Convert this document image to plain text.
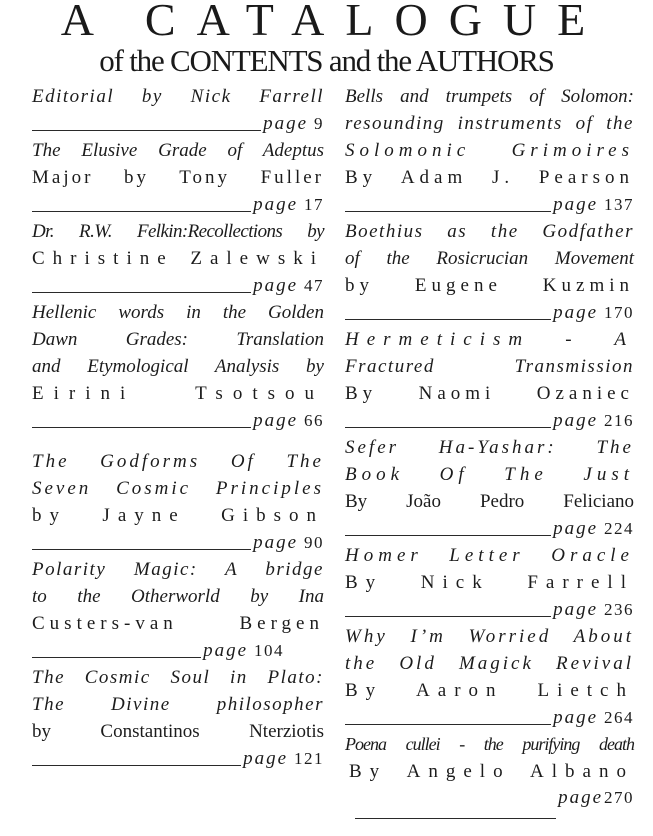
A CATALOGUE
of the CONTENTS and the AUTHORS
Editorial by Nick Farrell
page 9
The Elusive Grade of Adeptus
Major by Tony Fuller
page 17
Dr. R.W. Felkin:Recollections by
Christine Zalewski
page 47
Hellenic words in the Golden
Dawn Grades: Translation
and Etymological Analysis by
Eirini Tsotsou
page 66
The Godforms Of The
Seven Cosmic Principles
by Jayne Gibson
page 90
Polarity Magic: A bridge
to the Otherworld by Ina
Custers-van Bergen
page 104
The Cosmic Soul in Plato:
The Divine philosopher
by Constantinos Nterziotis
page 121
Bells and trumpets of Solomon:
resounding instruments of the
Solomonic Grimoires
By Adam J. Pearson
page 137
Boethius as the Godfather
of the Rosicrucian Movement
by Eugene Kuzmin
page 170
Hermeticism - A
Fractured Transmission
By Naomi Ozaniec
page 216
Sefer Ha-Yashar: The
Book Of The Just
By João Pedro Feliciano
page 224
Homer Letter Oracle
By Nick Farrell
page 236
Why I’m Worried About
the Old Magick Revival
By Aaron Lietch
page 264
Poena cullei - the purifying death
By Angelo Albano
page 270
